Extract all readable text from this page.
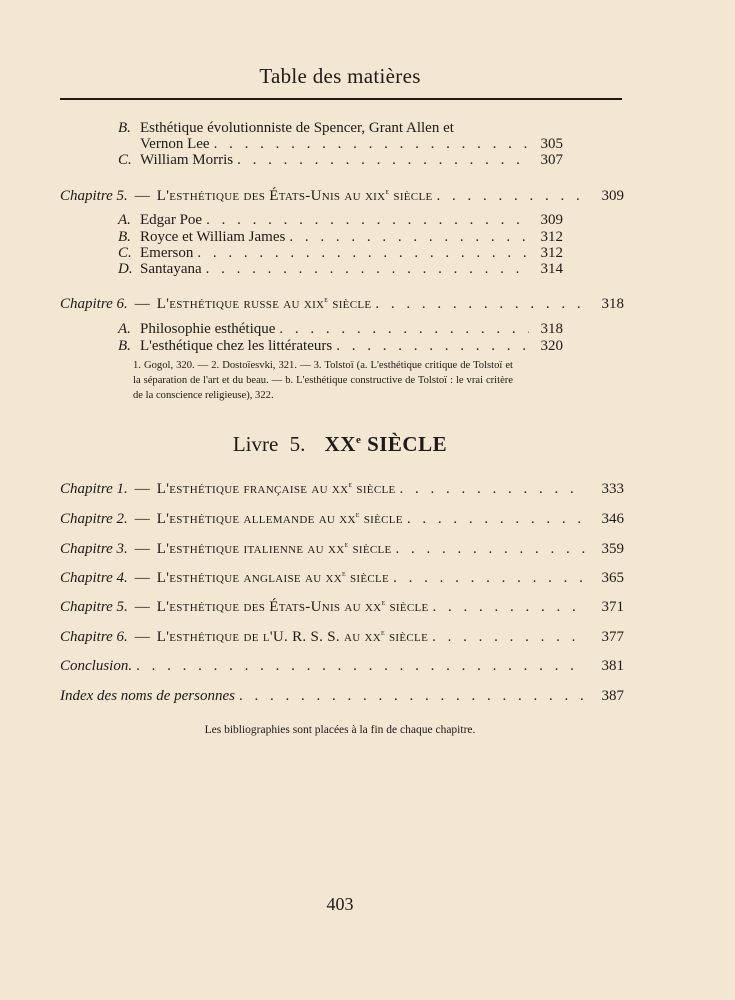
Table des matières
B. Esthétique évolutionniste de Spencer, Grant Allen et
Vernon Lee . . .	305
C. William Morris . . .	307
Chapitre 5. — L'esthétique des États-Unis au xix$^e$ siècle . . .	309
A. Edgar Poe . . .	309
B. Royce et William James . . .	312
C. Emerson . . .	312
D. Santayana . . .	314
Chapitre 6. — L'esthétique russe au xix$^e$ siècle . . .	318
A. Philosophie esthétique . . .	318
B. L'esthétique chez les littérateurs . . .	320
1. Gogol, 320. — 2. Dostoïesvki, 321. — 3. Tolstoï (a. L'esthétique critique de Tolstoï et la séparation de l'art et du beau. — b. L'esthétique constructive de Tolstoï : le vrai critère de la conscience religieuse), 322.
Livre 5. XXe SIÈCLE
Chapitre 1. — L'esthétique française au $xx^e$ siècle . . .	333
Chapitre 2. — L'esthétique allemande au $xx^e$ siècle . . .	346
Chapitre 3. — L'esthétique italienne au $xx^e$ siècle . . .	359
Chapitre 4. — L'esthétique anglaise au $xx^e$ siècle . . .	365
Chapitre 5. — L'esthétique des États-Unis au $xx^e$ siècle . . .	371
Chapitre 6. — L'esthétique de l'U. R. S. S. au $xx^e$ siècle . . .	377
Conclusion. . . .	381
Index des noms de personnes . . .	387
Les bibliographies sont placées à la fin de chaque chapitre.
403
